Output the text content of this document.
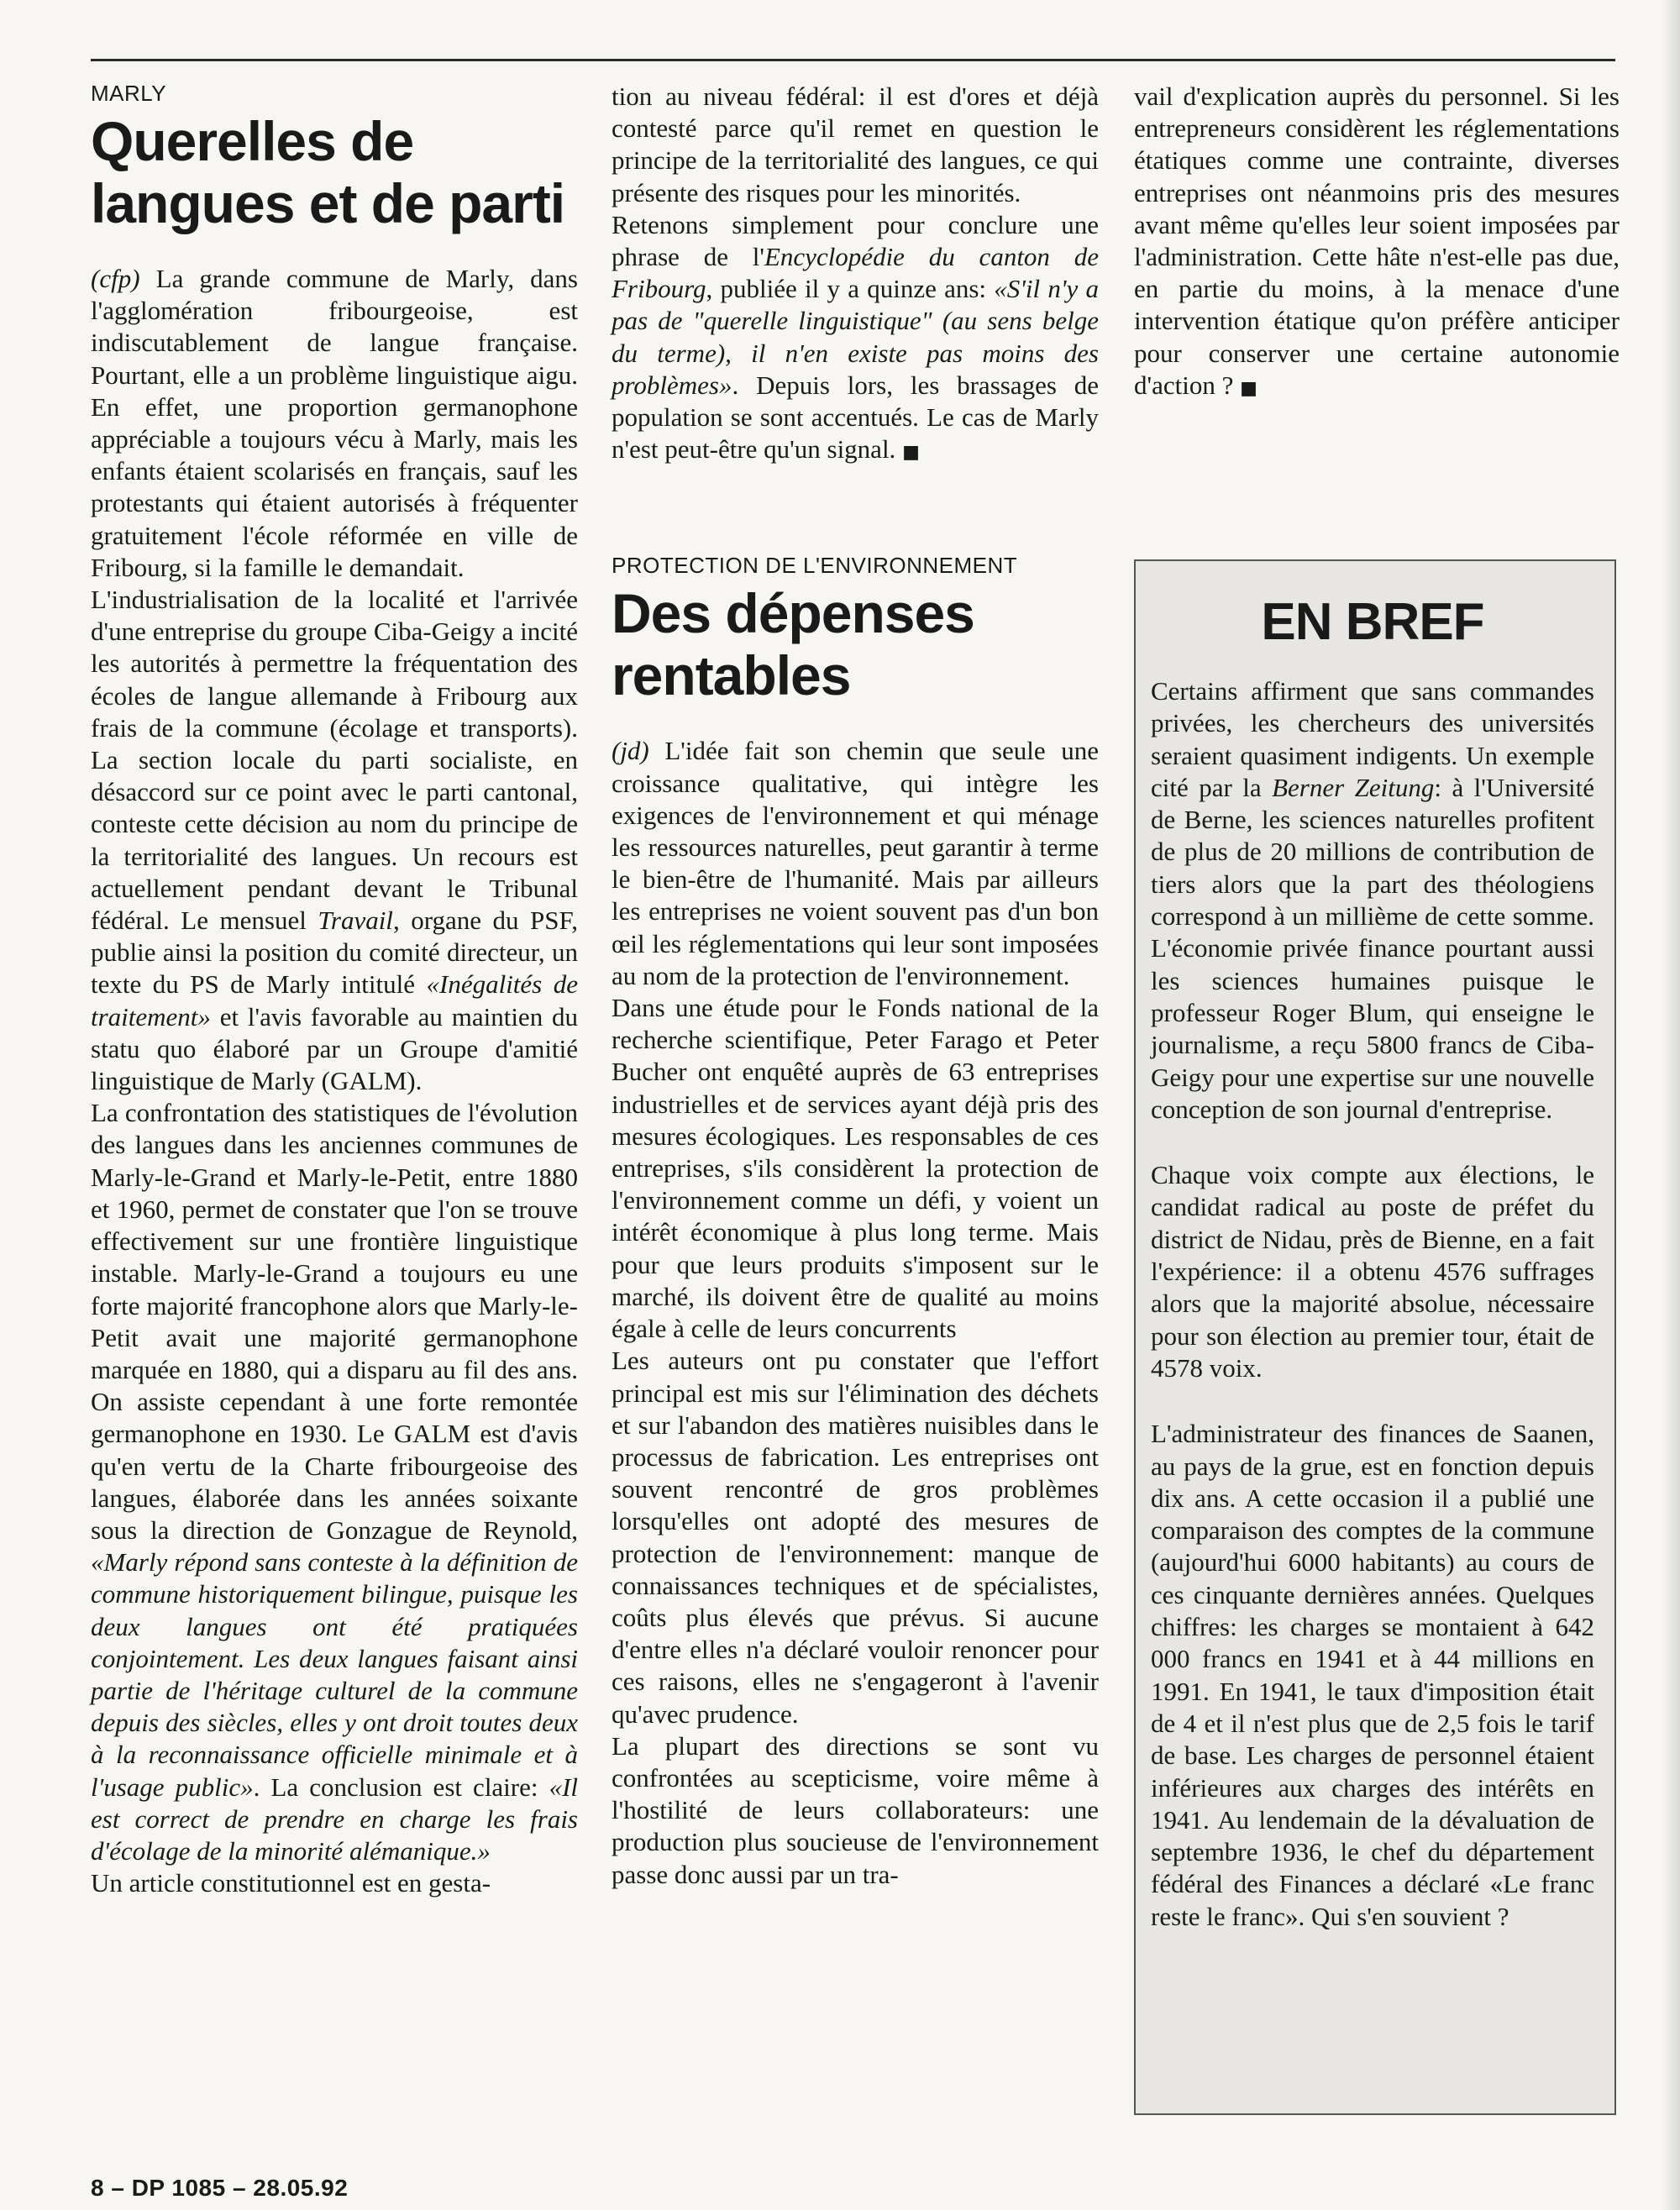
MARLY
Querelles de langues et de parti

(cfp) La grande commune de Marly, dans l'agglomération fribourgeoise, est indiscutablement de langue française. Pourtant, elle a un problème linguistique aigu. En effet, une proportion germanophone appréciable a toujours vécu à Marly, mais les enfants étaient scolarisés en français, sauf les protestants qui étaient autorisés à fréquenter gratuitement l'école réformée en ville de Fribourg, si la famille le demandait.

L'industrialisation de la localité et l'arrivée d'une entreprise du groupe Ciba-Geigy a incité les autorités à permettre la fréquentation des écoles de langue allemande à Fribourg aux frais de la commune (écolage et transports). La section locale du parti socialiste, en désaccord sur ce point avec le parti cantonal, conteste cette décision au nom du principe de la territorialité des langues. Un recours est actuellement pendant devant le Tribunal fédéral. Le mensuel Travail, organe du PSF, publie ainsi la position du comité directeur, un texte du PS de Marly intitulé «Inégalités de traitement» et l'avis favorable au maintien du statu quo élaboré par un Groupe d'amitié linguistique de Marly (GALM).

La confrontation des statistiques de l'évolution des langues dans les anciennes communes de Marly-le-Grand et Marly-le-Petit, entre 1880 et 1960, permet de constater que l'on se trouve effectivement sur une frontière linguistique instable. Marly-le-Grand a toujours eu une forte majorité francophone alors que Marly-le-Petit avait une majorité germanophone marquée en 1880, qui a disparu au fil des ans. On assiste cependant à une forte remontée germanophone en 1930. Le GALM est d'avis qu'en vertu de la Charte fribourgeoise des langues, élaborée dans les années soixante sous la direction de Gonzague de Reynold, «Marly répond sans conteste à la définition de commune historiquement bilingue, puisque les deux langues ont été pratiquées conjointement. Les deux langues faisant ainsi partie de l'héritage culturel de la commune depuis des siècles, elles y ont droit toutes deux à la reconnaissance officielle minimale et à l'usage public». La conclusion est claire: «Il est correct de prendre en charge les frais d'écolage de la minorité alémanique.»

Un article constitutionnel est en gesta-

tion au niveau fédéral: il est d'ores et déjà contesté parce qu'il remet en question le principe de la territorialité des langues, ce qui présente des risques pour les minorités.

Retenons simplement pour conclure une phrase de l'Encyclopédie du canton de Fribourg, publiée il y a quinze ans: «S'il n'y a pas de "querelle linguistique" (au sens belge du terme), il n'en existe pas moins des problèmes». Depuis lors, les brassages de population se sont accentués. Le cas de Marly n'est peut-être qu'un signal. ■

PROTECTION DE L'ENVIRONNEMENT
Des dépenses rentables

(jd) L'idée fait son chemin que seule une croissance qualitative, qui intègre les exigences de l'environnement et qui ménage les ressources naturelles, peut garantir à terme le bien-être de l'humanité. Mais par ailleurs les entreprises ne voient souvent pas d'un bon œil les réglementations qui leur sont imposées au nom de la protection de l'environnement.

Dans une étude pour le Fonds national de la recherche scientifique, Peter Farago et Peter Bucher ont enquêté auprès de 63 entreprises industrielles et de services ayant déjà pris des mesures écologiques. Les responsables de ces entreprises, s'ils considèrent la protection de l'environnement comme un défi, y voient un intérêt économique à plus long terme. Mais pour que leurs produits s'imposent sur le marché, ils doivent être de qualité au moins égale à celle de leurs concurrents

Les auteurs ont pu constater que l'effort principal est mis sur l'élimination des déchets et sur l'abandon des matières nuisibles dans le processus de fabrication. Les entreprises ont souvent rencontré de gros problèmes lorsqu'elles ont adopté des mesures de protection de l'environnement: manque de connaissances techniques et de spécialistes, coûts plus élevés que prévus. Si aucune d'entre elles n'a déclaré vouloir renoncer pour ces raisons, elles ne s'engageront à l'avenir qu'avec prudence.

La plupart des directions se sont vu confrontées au scepticisme, voire même à l'hostilité de leurs collaborateurs: une production plus soucieuse de l'environnement passe donc aussi par un tra-

vail d'explication auprès du personnel. Si les entrepreneurs considèrent les réglementations étatiques comme une contrainte, diverses entreprises ont néanmoins pris des mesures avant même qu'elles leur soient imposées par l'administration. Cette hâte n'est-elle pas due, en partie du moins, à la menace d'une intervention étatique qu'on préfère anticiper pour conserver une certaine autonomie d'action ? ■

EN BREF

Certains affirment que sans commandes privées, les chercheurs des universités seraient quasiment indigents. Un exemple cité par la Berner Zeitung: à l'Université de Berne, les sciences naturelles profitent de plus de 20 millions de contribution de tiers alors que la part des théologiens correspond à un millième de cette somme. L'économie privée finance pourtant aussi les sciences humaines puisque le professeur Roger Blum, qui enseigne le journalisme, a reçu 5800 francs de Ciba-Geigy pour une expertise sur une nouvelle conception de son journal d'entreprise.

Chaque voix compte aux élections, le candidat radical au poste de préfet du district de Nidau, près de Bienne, en a fait l'expérience: il a obtenu 4576 suffrages alors que la majorité absolue, nécessaire pour son élection au premier tour, était de 4578 voix.

L'administrateur des finances de Saanen, au pays de la grue, est en fonction depuis dix ans. A cette occasion il a publié une comparaison des comptes de la commune (aujourd'hui 6000 habitants) au cours de ces cinquante dernières années. Quelques chiffres: les charges se montaient à 642 000 francs en 1941 et à 44 millions en 1991. En 1941, le taux d'imposition était de 4 et il n'est plus que de 2,5 fois le tarif de base. Les charges de personnel étaient inférieures aux charges des intérêts en 1941. Au lendemain de la dévaluation de septembre 1936, le chef du département fédéral des Finances a déclaré «Le franc reste le franc». Qui s'en souvient ?

8 – DP 1085 – 28.05.92
